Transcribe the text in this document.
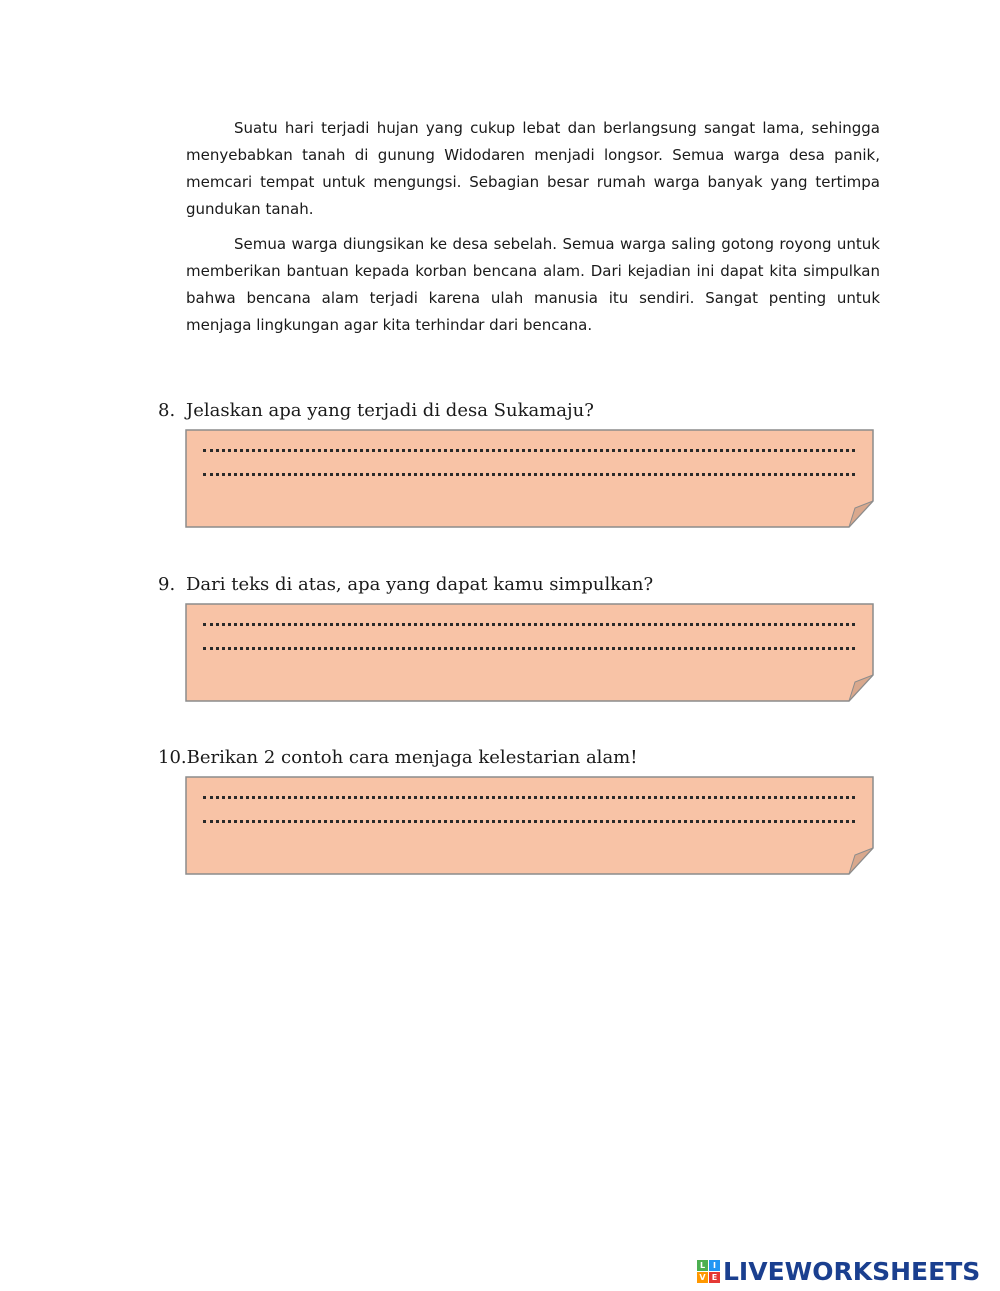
Suatu hari terjadi hujan yang cukup lebat dan berlangsung sangat lama, sehingga menyebabkan tanah di gunung Widodaren menjadi longsor. Semua warga desa panik, memcari tempat untuk mengungsi. Sebagian besar rumah warga banyak yang tertimpa gundukan tanah.

Semua warga diungsikan ke desa sebelah. Semua warga saling gotong royong untuk memberikan bantuan kepada korban bencana alam. Dari kejadian ini dapat kita simpulkan bahwa bencana alam terjadi karena ulah manusia itu sendiri. Sangat penting untuk menjaga lingkungan agar kita terhindar dari bencana.

8. Jelaskan apa yang terjadi di desa Sukamaju?
9. Dari teks di atas, apa yang dapat kamu simpulkan?
10.Berikan 2 contoh cara menjaga kelestarian alam!
L I
V E LIVEWORKSHEETS
